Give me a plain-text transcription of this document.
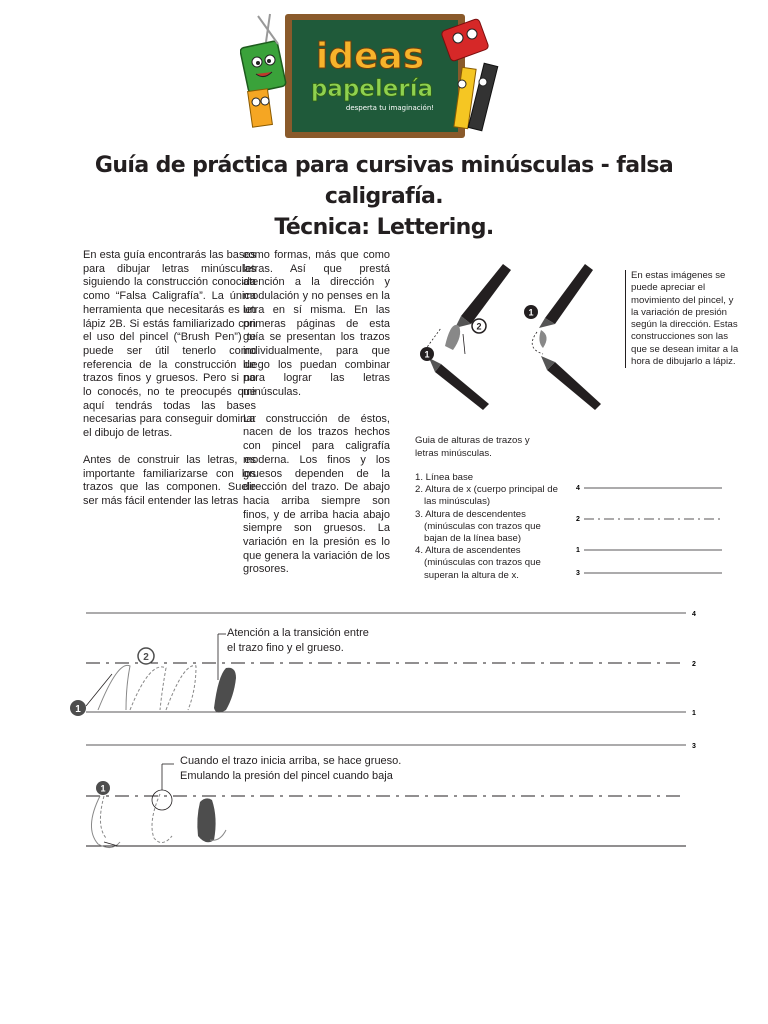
ideas
papelería
desperta tu imaginación!
Guía de práctica para cursivas minúsculas - falsa caligrafía.
Técnica: Lettering.

En esta guía encontrarás las bases para dibujar letras minúsculas siguiendo la construcción conocida como “Falsa Caligrafía”. La única herramienta que necesitarás es un lápiz 2B. Si estás familiarizado con el uso del pincel (“Brush Pen”) te puede ser útil tenerlo como referencia de la construcción de trazos finos y gruesos. Pero si no lo conocés, no te preocupés que aquí tendrás todas las bases necesarias para conseguir dominar el dibujo de letras.

Antes de construir las letras, es importante familiarizarse con los trazos que las componen. Suele ser más fácil entender las letras

como formas, más que como letras. Así que prestá atención a la dirección y modulación y no penses en la letra en sí misma. En las primeras páginas de esta guía se presentan los trazos individualmente, para que luego los puedan combinar para lograr las letras minúsculas.

La construcción de éstos, nacen de los trazos hechos con pincel para caligrafía moderna. Los finos y los gruesos dependen de la dirección del trazo. De abajo hacia arriba siempre son finos, y de arriba hacia abajo siempre son gruesos. La variación en la presión es lo que genera la variación de los grosores.

1
2
1
En estas imágenes se puede apreciar el movimiento del pincel, y la variación de presión según la dirección. Estas construcciones son las que se desean imitar a la hora de dibujarlo a lápiz.
Guia de alturas de trazos y letras minúsculas.
1. Línea base
2. Altura de x (cuerpo principal de las minúsculas)
3. Altura de descendentes (minúsculas con trazos que bajan de la línea base)
4. Altura de ascendentes (minúsculas con trazos que superan la altura de x.
4
2
1
3
4
2
1
3
1
2
1
Atención a la transición entre
el trazo fino y el grueso.
Cuando el trazo inicia arriba, se hace grueso.
Emulando la presión del pincel cuando baja
